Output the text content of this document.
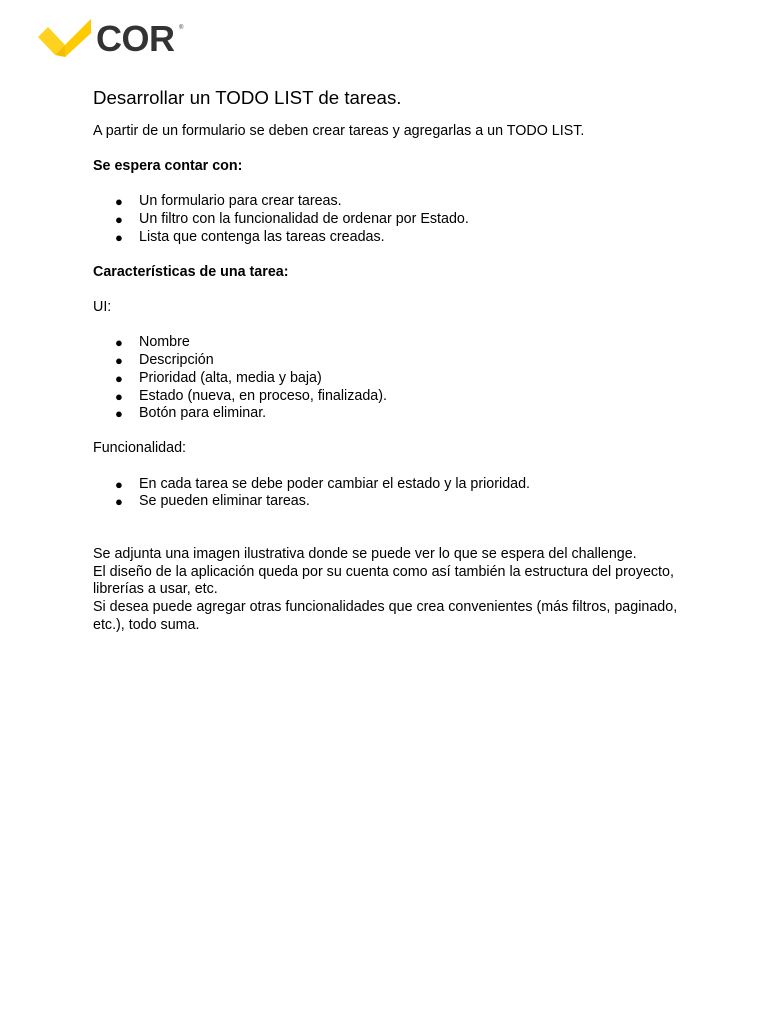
COR ®
Desarrollar un TODO LIST de tareas.

A partir de un formulario se deben crear tareas y agregarlas a un TODO LIST.

Se espera contar con:

● Un formulario para crear tareas.
● Un filtro con la funcionalidad de ordenar por Estado.
● Lista que contenga las tareas creadas.

Características de una tarea:

UI:

● Nombre
● Descripción
● Prioridad (alta, media y baja)
● Estado (nueva, en proceso, finalizada).
● Botón para eliminar.

Funcionalidad:

● En cada tarea se debe poder cambiar el estado y la prioridad.
● Se pueden eliminar tareas.

Se adjunta una imagen ilustrativa donde se puede ver lo que se espera del challenge.

El diseño de la aplicación queda por su cuenta como así también la estructura del proyecto, librerías a usar, etc.

Si desea puede agregar otras funcionalidades que crea convenientes (más filtros, paginado, etc.), todo suma.
